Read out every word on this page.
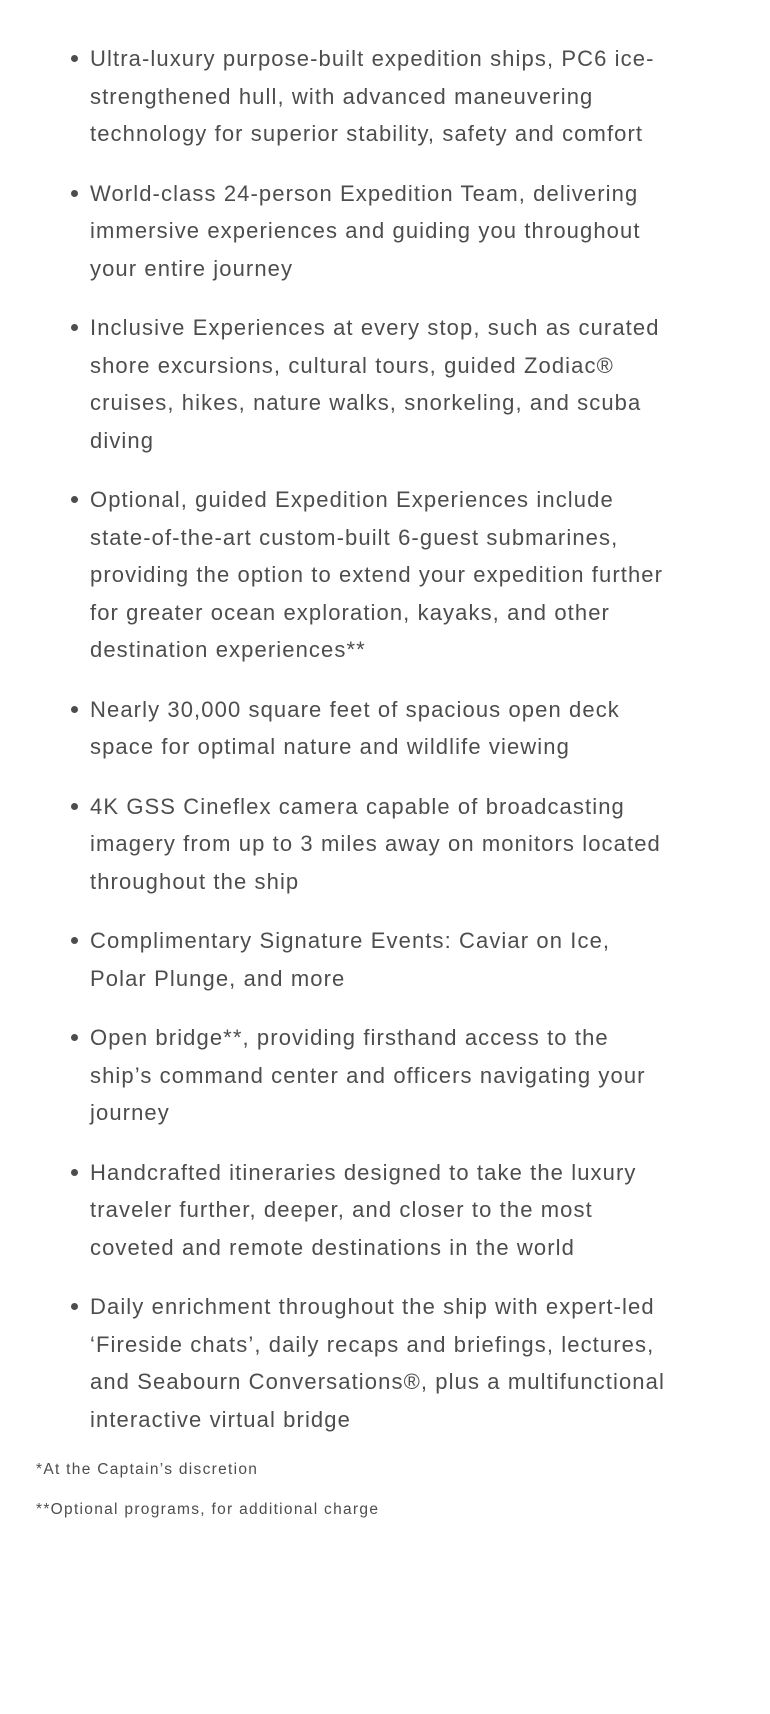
Ultra-luxury purpose-built expedition ships, PC6 ice-strengthened hull, with advanced maneuvering technology for superior stability, safety and comfort
World-class 24-person Expedition Team, delivering immersive experiences and guiding you throughout your entire journey
Inclusive Experiences at every stop, such as curated shore excursions, cultural tours, guided Zodiac® cruises, hikes, nature walks, snorkeling, and scuba diving
Optional, guided Expedition Experiences include state-of-the-art custom-built 6-guest submarines, providing the option to extend your expedition further for greater ocean exploration, kayaks, and other destination experiences**
Nearly 30,000 square feet of spacious open deck space for optimal nature and wildlife viewing
4K GSS Cineflex camera capable of broadcasting imagery from up to 3 miles away on monitors located throughout the ship
Complimentary Signature Events: Caviar on Ice, Polar Plunge, and more
Open bridge**, providing firsthand access to the ship’s command center and officers navigating your journey
Handcrafted itineraries designed to take the luxury traveler further, deeper, and closer to the most coveted and remote destinations in the world
Daily enrichment throughout the ship with expert-led ‘Fireside chats’, daily recaps and briefings, lectures, and Seabourn Conversations®, plus a multifunctional interactive virtual bridge

*At the Captain’s discretion

**Optional programs, for additional charge
